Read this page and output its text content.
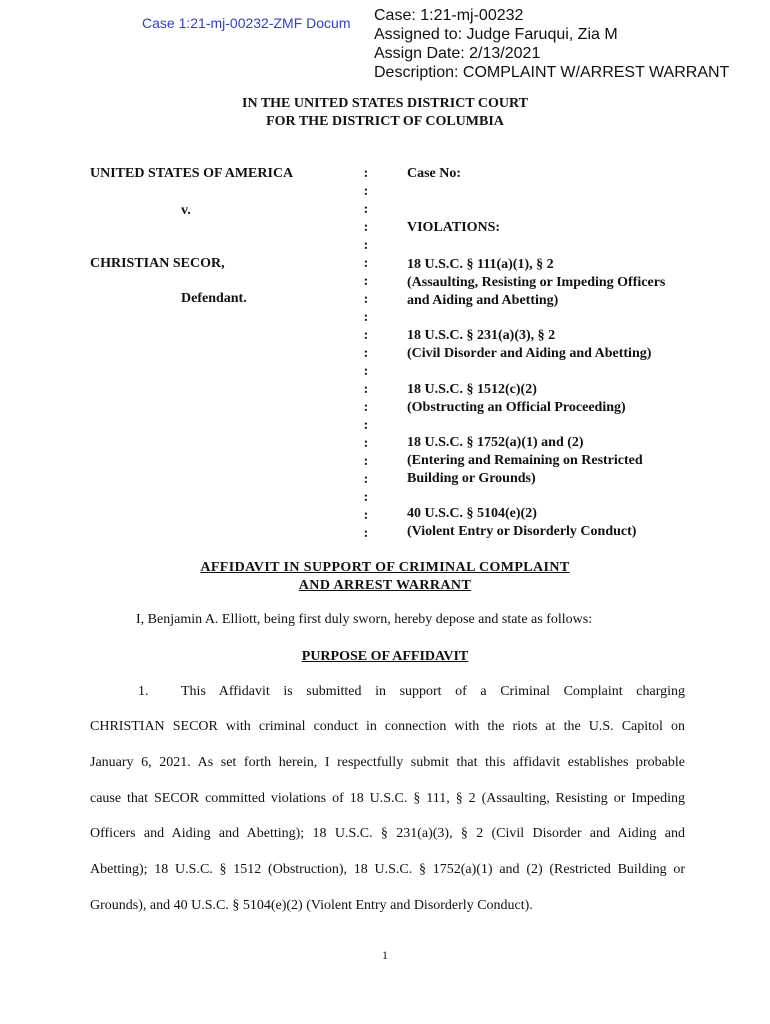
Case 1:21-mj-00232-ZMF Docum Case: 1:21-mj-00232
Assigned to: Judge Faruqui, Zia M
Assign Date: 2/13/2021
Description: COMPLAINT W/ARREST WARRANT
IN THE UNITED STATES DISTRICT COURT
FOR THE DISTRICT OF COLUMBIA
UNITED STATES OF AMERICA
v.
CHRISTIAN SECOR,
Defendant.
:
:
:
:
:
:
:
:
:
:
:
:
:
:
:
:
:
:
:
:
:
Case No:
VIOLATIONS:
18 U.S.C. § 111(a)(1), § 2
(Assaulting, Resisting or Impeding Officers
and Aiding and Abetting)
18 U.S.C. § 231(a)(3), § 2
(Civil Disorder and Aiding and Abetting)
18 U.S.C. § 1512(c)(2)
(Obstructing an Official Proceeding)
18 U.S.C. § 1752(a)(1) and (2)
(Entering and Remaining on Restricted
Building or Grounds)
40 U.S.C. § 5104(e)(2)
(Violent Entry or Disorderly Conduct)
AFFIDAVIT IN SUPPORT OF CRIMINAL COMPLAINT
AND ARREST WARRANT
I, Benjamin A. Elliott, being first duly sworn, hereby depose and state as follows:
PURPOSE OF AFFIDAVIT
1. This Affidavit is submitted in support of a Criminal Complaint charging
CHRISTIAN SECOR with criminal conduct in connection with the riots at the U.S. Capitol on
January 6, 2021. As set forth herein, I respectfully submit that this affidavit establishes probable
cause that SECOR committed violations of 18 U.S.C. § 111, § 2 (Assaulting, Resisting or Impeding
Officers and Aiding and Abetting); 18 U.S.C. § 231(a)(3), § 2 (Civil Disorder and Aiding and
Abetting); 18 U.S.C. § 1512 (Obstruction), 18 U.S.C. § 1752(a)(1) and (2) (Restricted Building or
Grounds), and 40 U.S.C. § 5104(e)(2) (Violent Entry and Disorderly Conduct).
1
